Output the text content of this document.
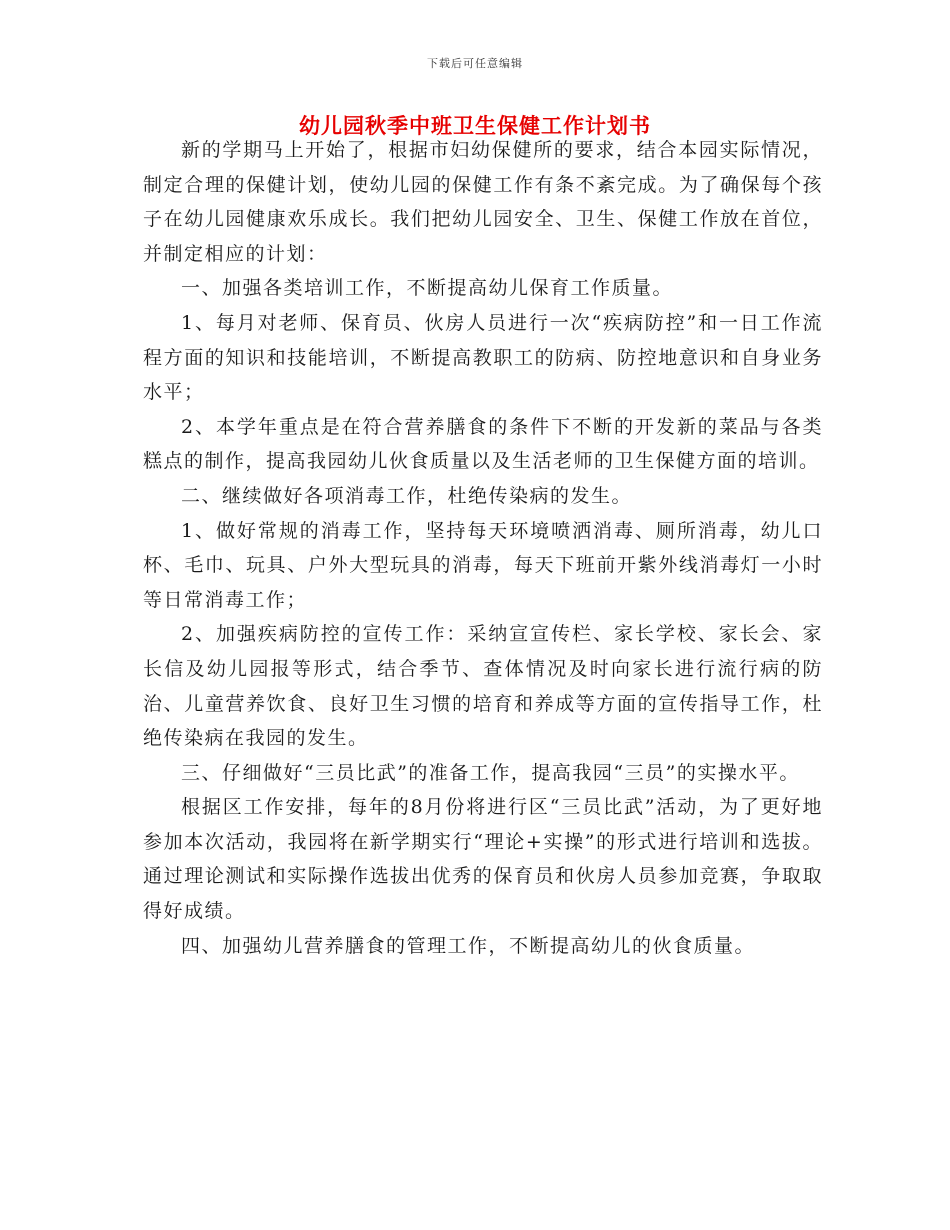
下载后可任意编辑
幼儿园秋季中班卫生保健工作计划书

新的学期马上开始了，根据市妇幼保健所的要求，结合本园实际情况，制定合理的保健计划，使幼儿园的保健工作有条不紊完成。为了确保每个孩子在幼儿园健康欢乐成长。我们把幼儿园安全、卫生、保健工作放在首位，并制定相应的计划：

一、加强各类培训工作，不断提高幼儿保育工作质量。

1、每月对老师、保育员、伙房人员进行一次“疾病防控”和一日工作流程方面的知识和技能培训，不断提高教职工的防病、防控地意识和自身业务水平；

2、本学年重点是在符合营养膳食的条件下不断的开发新的菜品与各类糕点的制作，提高我园幼儿伙食质量以及生活老师的卫生保健方面的培训。

二、继续做好各项消毒工作，杜绝传染病的发生。

1、做好常规的消毒工作，坚持每天环境喷洒消毒、厕所消毒，幼儿口杯、毛巾、玩具、户外大型玩具的消毒，每天下班前开紫外线消毒灯一小时等日常消毒工作；

2、加强疾病防控的宣传工作：采纳宣宣传栏、家长学校、家长会、家长信及幼儿园报等形式，结合季节、查体情况及时向家长进行流行病的防治、儿童营养饮食、良好卫生习惯的培育和养成等方面的宣传指导工作，杜绝传染病在我园的发生。

三、仔细做好“三员比武”的准备工作，提高我园“三员”的实操水平。

根据区工作安排，每年的8月份将进行区“三员比武”活动，为了更好地参加本次活动，我园将在新学期实行“理论+实操”的形式进行培训和选拔。通过理论测试和实际操作选拔出优秀的保育员和伙房人员参加竞赛，争取取得好成绩。

四、加强幼儿营养膳食的管理工作，不断提高幼儿的伙食质量。
